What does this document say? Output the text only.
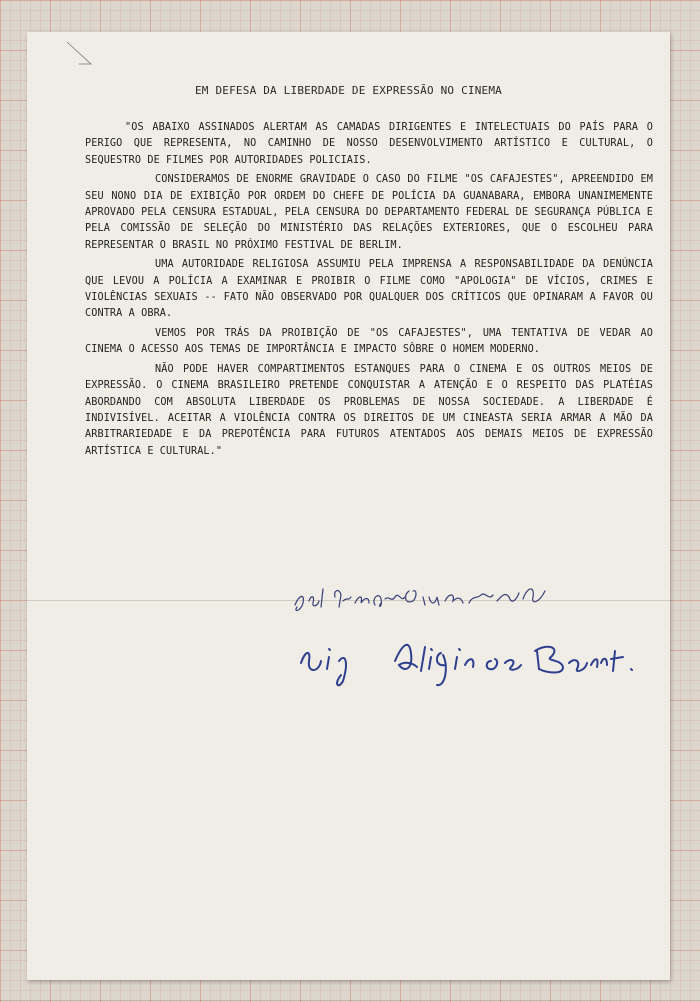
EM DEFESA DA LIBERDADE DE EXPRESSÃO NO CINEMA

"OS ABAIXO ASSINADOS ALERTAM AS CAMADAS DIRIGENTES E INTELECTUAIS DO PAÍS PARA O PERIGO QUE REPRESENTA, NO CAMINHO DE NOSSO DESENVOLVIMENTO ARTÍSTICO E CULTURAL, O SEQUESTRO DE FILMES POR AUTORIDADES POLICIAIS.

CONSIDERAMOS DE ENORME GRAVIDADE O CASO DO FILME "OS CAFAJESTES", APREENDIDO EM SEU NONO DIA DE EXIBIÇÃO POR ORDEM DO CHEFE DE POLÍCIA DA GUANABARA, EMBORA UNANIMEMENTE APROVADO PELA CENSURA ESTADUAL, PELA CENSURA DO DEPARTAMENTO FEDERAL DE SEGURANÇA PÚBLICA E PELA COMISSÃO DE SELEÇÃO DO MINISTÉRIO DAS RELAÇÕES EXTERIORES, QUE O ESCOLHEU PARA REPRESENTAR O BRASIL NO PRÓXIMO FESTIVAL DE BERLIM.

UMA AUTORIDADE RELIGIOSA ASSUMIU PELA IMPRENSA A RESPONSABILIDADE DA DENÚNCIA QUE LEVOU A POLÍCIA A EXAMINAR E PROIBIR O FILME COMO "APOLOGIA" DE VÍCIOS, CRIMES E VIOLÊNCIAS SEXUAIS -- FATO NÃO OBSERVADO POR QUALQUER DOS CRÍTICOS QUE OPINARAM A FAVOR OU CONTRA A OBRA.

VEMOS POR TRÁS DA PROIBIÇÃO DE "OS CAFAJESTES", UMA TENTATIVA DE VEDAR AO CINEMA O ACESSO AOS TEMAS DE IMPORTÂNCIA E IMPACTO SÔBRE O HOMEM MODERNO.

NÃO PODE HAVER COMPARTIMENTOS ESTANQUES PARA O CINEMA E OS OUTROS MEIOS DE EXPRESSÃO. O CINEMA BRASILEIRO PRETENDE CONQUISTAR A ATENÇÃO E O RESPEITO DAS PLATÉIAS ABORDANDO COM ABSOLUTA LIBERDADE OS PROBLEMAS DE NOSSA SOCIEDADE. A LIBERDADE É INDIVISÍVEL. ACEITAR A VIOLÊNCIA CONTRA OS DIREITOS DE UM CINEASTA SERIA ARMAR A MÃO DA ARBITRARIEDADE E DA PREPOTÊNCIA PARA FUTUROS ATENTADOS AOS DEMAIS MEIOS DE EXPRESSÃO ARTÍSTICA E CULTURAL."
